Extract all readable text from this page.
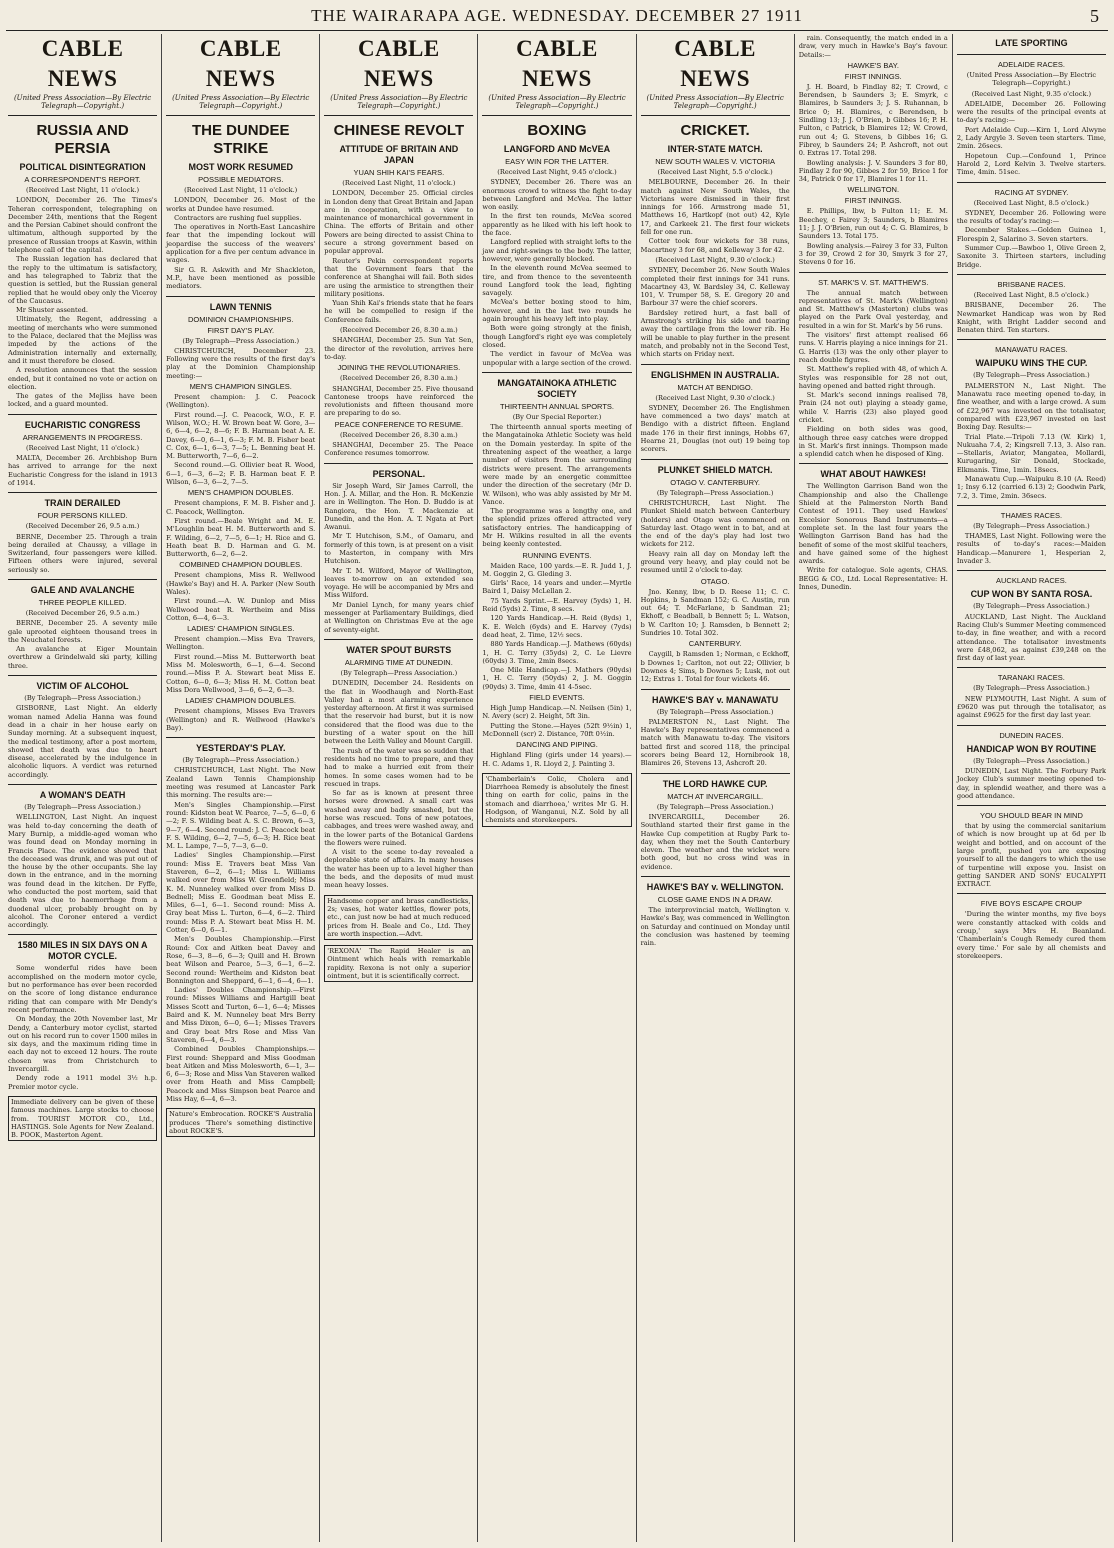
THE WAIRARAPA AGE. WEDNESDAY. DECEMBER 27 1911	5
CABLE NEWS
(United Press Association—By Electric Telegraph—Copyright.)
RUSSIA AND PERSIA
POLITICAL DISINTEGRATION
A CORRESPONDENT'S REPORT.
(Received Last Night, 11 o'clock.)

LONDON, December 26. The Times's Teheran correspondent, telegraphing on December 24th, mentions that the Regent and the Persian Cabinet should confront the ultimatum, although supported by the presence of Russian troops at Kasvin, within telephone call of the capital.

The Russian legation has declared that the reply to the ultimatum is satisfactory, and has telegraphed to Tabriz that the question is settled, but the Russian general replied that he would obey only the Viceroy of the Caucasus.

Mr Shuster assented.

Ultimately, the Regent, addressing a meeting of merchants who were summoned to the Palace, declared that the Mejliss was impeded by the actions of the Administration internally and externally, and it must therefore be closed.

A resolution announces that the session ended, but it contained no vote or action on election.

The gates of the Mejliss have been locked, and a guard mounted.

EUCHARISTIC CONGRESS
ARRANGEMENTS IN PROGRESS.
(Received Last Night, 11 o'clock.)

MALTA, December 26. Archbishop Burn has arrived to arrange for the next Eucharistic Congress for the island in 1913 of 1914.

TRAIN DERAILED
FOUR PERSONS KILLED.
(Received December 26, 9.5 a.m.)

BERNE, December 25. Through a train being derailed at Chaussy, a village in Switzerland, four passengers were killed. Fifteen others were injured, several seriously so.

GALE AND AVALANCHE
THREE PEOPLE KILLED.
(Received December 26, 9.5 a.m.)

BERNE, December 25. A seventy mile gale uprooted eighteen thousand trees in the Neuchatel forests.

An avalanche at Eiger Mountain overthrew a Grindelwald ski party, killing three.

VICTIM OF ALCOHOL
(By Telegraph—Press Association.)

GISBORNE, Last Night. An elderly woman named Adelia Hanna was found dead in a chair in her house early on Sunday morning. At a subsequent inquest, the medical testimony, after a post mortem, showed that death was due to heart disease, accelerated by the indulgence in alcoholic liquors. A verdict was returned accordingly.

A WOMAN'S DEATH
(By Telegraph—Press Association.)

WELLINGTON, Last Night. An inquest was held to-day concerning the death of Mary Burnip, a middle-aged woman who was found dead on Monday morning in Francis Place. The evidence showed that the deceased was drunk, and was put out of the house by the other occupants. She lay down in the entrance, and in the morning was found dead in the kitchen. Dr Fyffe, who conducted the post mortem, said that death was due to haemorrhage from a duodenal ulcer, probably brought on by alcohol. The Coroner entered a verdict accordingly.

1580 MILES IN SIX DAYS ON A MOTOR CYCLE.

Some wonderful rides have been accomplished on the modern motor cycle, but no performance has ever been recorded on the score of long distance endurance riding that can compare with Mr Dendy's recent performance.

On Monday, the 20th November last, Mr Dendy, a Canterbury motor cyclist, started out on his record run to cover 1500 miles in six days, and the maximum riding time in each day not to exceed 12 hours. The route chosen was from Christchurch to Invercargill.

Dendy rode a 1911 model 3½ h.p. Premier motor cycle.

Immediate delivery can be given of these famous machines. Large stocks to choose from. TOURIST MOTOR CO., Ltd., HASTINGS. Sole Agents for New Zealand. B. POOK, Masterton Agent.
CABLE NEWS
(United Press Association—By Electric Telegraph—Copyright.)
THE DUNDEE STRIKE
MOST WORK RESUMED
POSSIBLE MEDIATORS.
(Received Last Night, 11 o'clock.)

LONDON, December 26. Most of the works at Dundee have resumed.

Contractors are rushing fuel supplies.

The operatives in North-East Lancashire fear that the impending lockout will jeopardise the success of the weavers' application for a five per centum advance in wages.

Sir G. R. Askwith and Mr Shackleton, M.P., have been mentioned as possible mediators.

LAWN TENNIS
DOMINION CHAMPIONSHIPS.
FIRST DAY'S PLAY.
(By Telegraph—Press Association.)

CHRISTCHURCH, December 23. Following were the results of the first day's play at the Dominion Championship meeting:—

MEN'S CHAMPION SINGLES.

Present champion: J. C. Peacock (Wellington).

First round.—J. C. Peacock, W.O., F. F. Wilson, W.O.; H. W. Brown beat W. Gore, 3—6, 6—4, 6—2, 8—6; F. B. Harman beat A. E. Davey, 6—0, 6—1, 6—3; F. M. B. Fisher beat C. Cox, 6—1, 6—3, 7—5; L. Benning beat H. M. Butterworth, 7—6, 6—2.

Second round.—G. Ollivier beat R. Wood, 6—1, 6—3, 6—2; F. B. Harman beat F. P. Wilson, 6—3, 6—2, 7—5.

MEN'S CHAMPION DOUBLES.

Present champions, F. M. B. Fisher and J. C. Peacock, Wellington.

First round.—Beale Wright and M. E. M'Loughlin beat H. M. Butterworth and S. F. Wilding, 6—2, 7—5, 6—1; H. Rice and G. Heath beat B. D. Harman and G. M. Butterworth, 6—2, 6—2.

COMBINED CHAMPION DOUBLES.

Present champions, Miss R. Wellwood (Hawke's Bay) and H. A. Parker (New South Wales).

First round.—A. W. Dunlop and Miss Wellwood beat R. Wertheim and Miss Cotton, 6—4, 6—3.

LADIES' CHAMPION SINGLES.

Present champion.—Miss Eva Travers, Wellington.

First round.—Miss M. Butterworth beat Miss M. Molesworth, 6—1, 6—4. Second round.—Miss P. A. Stewart beat Miss E. Cotton, 6—0, 6—3; Miss H. M. Cotton beat Miss Dora Wellwood, 3—6, 6—2, 6—3.

LADIES' CHAMPION DOUBLES.

Present champions, Misses Eva Travers (Wellington) and R. Wellwood (Hawke's Bay).

YESTERDAY'S PLAY.
(By Telegraph—Press Association.)

CHRISTCHURCH, Last Night. The New Zealand Lawn Tennis Championship meeting was resumed at Lancaster Park this morning. The results are:—

Men's Singles Championship.—First round: Kidston beat W. Pearce, 7—5, 6—0, 6—2; F. S. Wilding beat A. S. C. Brown, 6—3, 9—7, 6—4. Second round: J. C. Peacock beat F. S. Wilding, 6—2, 7—5, 6—3; H. Rice beat M. L. Lampe, 7—5, 7—3, 6—0.

Ladies' Singles Championship.—First round: Miss E. Travers beat Miss Van Staveren, 6—2, 6—1; Miss L. Williams walked over from Miss W. Greenfield; Miss K. M. Nunneley walked over from Miss D. Bednell; Miss E. Goodman beat Miss E. Miles, 6—1, 6—1. Second round: Miss A. Gray beat Miss L. Turton, 6—4, 6—2. Third round: Miss P. A. Stewart beat Miss H. M. Cotter, 6—0, 6—1.

Men's Doubles Championship.—First Round: Cox and Aitken beat Davey and Rose, 6—3, 8—6, 6—3; Quill and H. Brown beat Wilson and Pearce, 5—3, 6—1, 6—2. Second round: Wertheim and Kidston beat Bonnington and Sheppard, 6—1, 6—4, 6—1.

Ladies' Doubles Championship.—First round: Misses Williams and Hartgill beat Misses Scott and Turton, 6—1, 6—4; Misses Baird and K. M. Nunneley beat Mrs Berry and Miss Dixon, 6—0, 6—1; Misses Travers and Gray beat Mrs Rose and Miss Van Staveren, 6—4, 6—3.

Combined Doubles Championships.—First round: Sheppard and Miss Goodman beat Aitken and Miss Molesworth, 6—1, 3—6, 6—3; Rose and Miss Van Staveren walked over from Heath and Miss Campbell; Peacock and Miss Simpson beat Pearce and Miss Hay, 6—4, 6—3.

Nature's Embrocation. ROCKE'S Australia produces 'There's something distinctive about ROCKE'S.
CABLE NEWS
(United Press Association—By Electric Telegraph—Copyright.)
CHINESE REVOLT
ATTITUDE OF BRITAIN AND JAPAN
YUAN SHIH KAI'S FEARS.
(Received Last Night, 11 o'clock.)

LONDON, December 25. Official circles in London deny that Great Britain and Japan are in cooperation, with a view to maintenance of monarchical government in China. The efforts of Britain and other Powers are being directed to assist China to secure a strong government based on popular approval.

Reuter's Pekin correspondent reports that the Government fears that the conference at Shanghai will fail. Both sides are using the armistice to strengthen their military positions.

Yuan Shih Kai's friends state that he fears he will be compelled to resign if the Conference fails.

(Received December 26, 8.30 a.m.)

SHANGHAI, December 25. Sun Yat Sen, the director of the revolution, arrives here to-day.

JOINING THE REVOLUTIONARIES.
(Received December 26, 8.30 a.m.)

SHANGHAI, December 25. Five thousand Cantonese troops have reinforced the revolutionists and fifteen thousand more are preparing to do so.

PEACE CONFERENCE TO RESUME.
(Received December 26, 8.30 a.m.)

SHANGHAI, December 25. The Peace Conference resumes tomorrow.

PERSONAL.

Sir Joseph Ward, Sir James Carroll, the Hon. J. A. Millar, and the Hon. R. McKenzie are in Wellington. The Hon. D. Buddo is at Rangiora, the Hon. T. Mackenzie at Dunedin, and the Hon. A. T. Ngata at Port Awanui.

Mr T. Hutchison, S.M., of Oamaru, and formerly of this town, is at present on a visit to Masterton, in company with Mrs Hutchison.

Mr T. M. Wilford, Mayor of Wellington, leaves to-morrow on an extended sea voyage. He will be accompanied by Mrs and Miss Wilford.

Mr Daniel Lynch, for many years chief messenger at Parliamentary Buildings, died at Wellington on Christmas Eve at the age of seventy-eight.

WATER SPOUT BURSTS
ALARMING TIME AT DUNEDIN.
(By Telegraph—Press Association.)

DUNEDIN, December 24. Residents on the flat in Woodhaugh and North-East Valley had a most alarming experience yesterday afternoon. At first it was surmised that the reservoir had burst, but it is now considered that the flood was due to the bursting of a water spout on the hill between the Leith Valley and Mount Cargill.

The rush of the water was so sudden that residents had no time to prepare, and they had to make a hurried exit from their homes. In some cases women had to be rescued in traps.

So far as is known at present three horses were drowned. A small cart was washed away and badly smashed, but the horse was rescued. Tons of new potatoes, cabbages, and trees were washed away, and in the lower parts of the Botanical Gardens the flowers were ruined.

A visit to the scene to-day revealed a deplorable state of affairs. In many houses the water has been up to a level higher than the beds, and the deposits of mud must mean heavy losses.

Handsome copper and brass candlesticks, 2s; vases, hot water kettles, flower pots, etc., can just now be had at much reduced prices from H. Beale and Co., Ltd. They are worth inspection.—Advt.
'REXONA' The Rapid Healer is an Ointment which heals with remarkable rapidity. Rexona is not only a superior ointment, but it is scientifically correct.
CABLE NEWS
(United Press Association—By Electric Telegraph—Copyright.)
BOXING
LANGFORD AND McVEA
EASY WIN FOR THE LATTER.
(Received Last Night, 9.45 o'clock.)

SYDNEY, December 26. There was an enormous crowd to witness the fight to-day between Langford and McVea. The latter won easily.

In the first ten rounds, McVea scored apparently as he liked with his left hook to the face.

Langford replied with straight lefts to the jaw and right-swings to the body. The latter, however, were generally blocked.

In the eleventh round McVea seemed to tire, and from thence to the seventeenth round Langford took the lead, fighting savagely.

McVea's better boxing stood to him, however, and in the last two rounds he again brought his heavy left into play.

Both were going strongly at the finish, though Langford's right eye was completely closed.

The verdict in favour of McVea was unpopular with a large section of the crowd.

MANGATAINOKA ATHLETIC SOCIETY
THIRTEENTH ANNUAL SPORTS.
(By Our Special Reporter.)

The thirteenth annual sports meeting of the Mangatainoka Athletic Society was held on the Domain yesterday. In spite of the threatening aspect of the weather, a large number of visitors from the surrounding districts were present. The arrangements were made by an energetic committee under the direction of the secretary (Mr D. W. Wilson), who was ably assisted by Mr M. Vance.

The programme was a lengthy one, and the splendid prizes offered attracted very satisfactory entries. The handicapping of Mr H. Wilkins resulted in all the events being keenly contested.

RUNNING EVENTS.

Maiden Race, 100 yards.—E. R. Judd 1, J. M. Goggin 2, G. Gleding 3.

Girls' Race, 14 years and under.—Myrtle Baird 1, Daisy McLellan 2.

75 Yards Sprint.—E. Harvey (5yds) 1, H. Reid (5yds) 2. Time, 8 secs.

120 Yards Handicap.—H. Reid (8yds) 1, K. E. Welch (6yds) and E. Harvey (7yds) dead heat, 2. Time, 12½ secs.

880 Yards Handicap.—J. Mathews (60yds) 1, H. C. Terry (35yds) 2, C. Le Lievre (60yds) 3. Time, 2min 8secs.

One Mile Handicap.—J. Mathers (90yds) 1, H. C. Terry (50yds) 2, J. M. Goggin (90yds) 3. Time, 4min 41 4-5sec.

FIELD EVENTS.

High Jump Handicap.—N. Neilsen (5in) 1, N. Avery (scr) 2. Height, 5ft 3in.

Putting the Stone.—Hayes (52ft 9½in) 1, McDonnell (scr) 2. Distance, 70ft 0½in.

DANCING AND PIPING.

Highland Fling (girls under 14 years).—H. C. Adams 1, R. Lloyd 2, J. Painting 3.

'Chamberlain's Colic, Cholera and Diarrhoea Remedy is absolutely the finest thing on earth for colic, pains in the stomach and diarrhoea,' writes Mr G. H. Hodgson, of Wanganui, N.Z. Sold by all chemists and storekeepers.
CABLE NEWS
(United Press Association—By Electric Telegraph—Copyright.)
CRICKET.
INTER-STATE MATCH.
NEW SOUTH WALES V. VICTORIA
(Received Last Night, 5.5 o'clock.)

MELBOURNE, December 26. In their match against New South Wales, the Victorians were dismissed in their first innings for 166. Armstrong made 51, Matthews 16, Hartkopf (not out) 42, Kyle 17, and Carkeek 21. The first four wickets fell for one run.

Cotter took four wickets for 38 runs, Macartney 3 for 68, and Kelleway 3 for 42.

(Received Last Night, 9.30 o'clock.)

SYDNEY, December 26. New South Wales completed their first innings for 341 runs. Macartney 43, W. Bardsley 34, C. Kelleway 101, V. Trumper 58, S. E. Gregory 20 and Barbour 37 were the chief scorers.

Bardsley retired hurt, a fast ball of Armstrong's striking his side and tearing away the cartilage from the lower rib. He will be unable to play further in the present match, and probably not in the Second Test, which starts on Friday next.

ENGLISHMEN IN AUSTRALIA.
MATCH AT BENDIGO.
(Received Last Night, 9.30 o'clock.)

SYDNEY, December 26. The Englishmen have commenced a two days' match at Bendigo with a district fifteen. England made 176 in their first innings, Hobbs 67, Hearne 21, Douglas (not out) 19 being top scorers.

PLUNKET SHIELD MATCH.
OTAGO V. CANTERBURY.
(By Telegraph—Press Association.)

CHRISTCHURCH, Last Night. The Plunket Shield match between Canterbury (holders) and Otago was commenced on Saturday last. Otago went in to bat, and at the end of the day's play had lost two wickets for 212.

Heavy rain all day on Monday left the ground very heavy, and play could not be resumed until 2 o'clock to-day.

OTAGO.

Jno. Kenny, lbw, b D. Reese 11; C. C. Hopkins, b Sandman 152; G. C. Austin, run out 64; T. McFarlane, b Sandman 21; Ekhoff, c Beadball, b Bennett 5; L. Watson, b W. Carlton 10; J. Ramsden, b Bennett 2; Sundries 10. Total 302.

CANTERBURY.

Caygill, b Ramsden 1; Norman, c Eckhoff, b Downes 1; Carlton, not out 22; Ollivier, b Downes 4; Sims, b Downes 5; Lusk, not out 12; Extras 1. Total for four wickets 46.

HAWKE'S BAY v. MANAWATU
(By Telegraph—Press Association.)

PALMERSTON N., Last Night. The Hawke's Bay representatives commenced a match with Manawatu to-day. The visitors batted first and scored 118, the principal scorers being Beard 12, Hornibrook 18, Blamires 26, Stevens 13, Ashcroft 20.

THE LORD HAWKE CUP.
MATCH AT INVERCARGILL.
(By Telegraph—Press Association.)

INVERCARGILL, December 26. Southland started their first game in the Hawke Cup competition at Rugby Park to-day, when they met the South Canterbury eleven. The weather and the wicket were both good, but no cross wind was in evidence.

HAWKE'S BAY v. WELLINGTON.
CLOSE GAME ENDS IN A DRAW.

The interprovincial match, Wellington v. Hawke's Bay, was commenced in Wellington on Saturday and continued on Monday until the conclusion was hastened by teeming rain.

rain. Consequently, the match ended in a draw, very much in Hawke's Bay's favour. Details:—

HAWKE'S BAY.
FIRST INNINGS.

J. H. Board, b Findlay 82; T. Crowd, c Berendsen, b Saunders 3; E. Smyrk, c Blamires, b Saunders 3; J. S. Ruhannan, b Brice 0; H. Blamires, c Berendsen, b Sindling 13; J. J. O'Brien, b Gibbes 16; P. H. Fulton, c Patrick, b Blamires 12; W. Crowd, run out 4; G. Stevens, b Gibbes 16; G. Fibrey, b Saunders 24; P. Ashcroft, not out 0. Extras 17. Total 298.

Bowling analysis: J. V. Saunders 3 for 80, Findlay 2 for 90, Gibbes 2 for 59, Brice 1 for 34, Patrick 0 for 17, Blamires 1 for 11.

WELLINGTON.
FIRST INNINGS.

E. Phillips, lbw, b Fulton 11; E. M. Beechey, c Fairey 3; Saunders, b Blamires 11; J. J. O'Brien, run out 4; C. G. Blamires, b Saunders 13. Total 175.

Bowling analysis.—Fairey 3 for 33, Fulton 3 for 39, Crowd 2 for 30, Smyrk 3 for 27, Stevens 0 for 16.

ST. MARK'S V. ST. MATTHEW'S.

The annual match between representatives of St. Mark's (Wellington) and St. Matthew's (Masterton) clubs was played on the Park Oval yesterday, and resulted in a win for St. Mark's by 56 runs.

The visitors' first attempt realised 66 runs. V. Harris playing a nice innings for 21. G. Harris (13) was the only other player to reach double figures.

St. Matthew's replied with 48, of which A. Styles was responsible for 28 not out, having opened and batted right through.

St. Mark's second innings realised 78, Prain (24 not out) playing a steady game, while V. Harris (23) also played good cricket.

Fielding on both sides was good, although three easy catches were dropped in St. Mark's first innings. Thompson made a splendid catch when he disposed of King.

WHAT ABOUT HAWKES!

The Wellington Garrison Band won the Championship and also the Challenge Shield at the Palmerston North Band Contest of 1911. They used Hawkes' Excelsior Sonorous Band Instruments—a complete set. In the last four years the Wellington Garrison Band has had the benefit of some of the most skilful teachers, and have gained some of the highest awards.

Write for catalogue. Sole agents, CHAS. BEGG & CO., Ltd. Local Representative: H. Innes, Dunedin.

LATE SPORTING
ADELAIDE RACES.
(United Press Association—By Electric Telegraph—Copyright.)
(Received Last Night, 9.35 o'clock.)

ADELAIDE, December 26. Following were the results of the principal events at to-day's racing:—

Port Adelaide Cup.—Kirn 1, Lord Alwyne 2, Lady Argyle 3. Seven teen starters. Time, 2min. 26secs.

Hopetoun Cup.—Confound 1, Prince Harold 2, Lord Kelvin 3. Twelve starters. Time, 4min. 51sec.

RACING AT SYDNEY.
(Received Last Night, 8.5 o'clock.)

SYDNEY, December 26. Following were the results of today's racing:—

December Stakes.—Golden Guinea 1, Florespin 2, Salarino 3. Seven starters.

Summer Cup.—Bawboo 1, Olive Green 2, Saxonite 3. Thirteen starters, including Bridge.

BRISBANE RACES.
(Received Last Night, 8.5 o'clock.)

BRISBANE, December 26. The Newmarket Handicap was won by Red Knight, with Bright Ladder second and Benaten third. Ten starters.

MANAWATU RACES.
WAIPUKU WINS THE CUP.
(By Telegraph—Press Association.)

PALMERSTON N., Last Night. The Manawatu race meeting opened to-day, in fine weather, and with a large crowd. A sum of £22,967 was invested on the totalisator, compared with £23,967 invested on last Boxing Day. Results:—

Trial Plate.—Tripoli 7.13 (W. Kirk) 1, Nukuaha 7.4, 2; Kingsrell 7.13, 3. Also ran.—Stellaris, Aviator, Mangatea, Mollardi, Kurugaring, Sir Donald, Stockade, Elkmanis. Time, 1min. 18secs.

Manawatu Cup.—Waipuku 8.10 (A. Reed) 1; Insy 6.12 (carried 6.13) 2; Goodwin Park, 7.2, 3. Time, 2min. 36secs.

THAMES RACES.
(By Telegraph—Press Association.)

THAMES, Last Night. Following were the results of to-day's races:—Maiden Handicap.—Manurere 1, Hesperian 2, Invader 3.

AUCKLAND RACES.
CUP WON BY SANTA ROSA.
(By Telegraph—Press Association.)

AUCKLAND, Last Night. The Auckland Racing Club's Summer Meeting commenced to-day, in fine weather, and with a record attendance. The totalisator investments were £48,062, as against £39,248 on the first day of last year.

TARANAKI RACES.
(By Telegraph—Press Association.)

NEW PLYMOUTH, Last Night. A sum of £9620 was put through the totalisator, as against £9625 for the first day last year.

DUNEDIN RACES.
HANDICAP WON BY ROUTINE
(By Telegraph—Press Association.)

DUNEDIN, Last Night. The Forbury Park Jockey Club's summer meeting opened to-day, in splendid weather, and there was a good attendance.

YOU SHOULD BEAR IN MIND

that by using the commercial sanitarium of which is now brought up at 6d per lb weight and bottled, and on account of the large profit, pushed you are exposing yourself to all the dangers to which the use of turpentine will expose you. Insist on getting SANDER AND SONS' EUCALYPTI EXTRACT.

FIVE BOYS ESCAPE CROUP

'During the winter months, my five boys were constantly attacked with colds and croup,' says Mrs H. Beanland. 'Chamberlain's Cough Remedy cured them every time.' For sale by all chemists and storekeepers.
